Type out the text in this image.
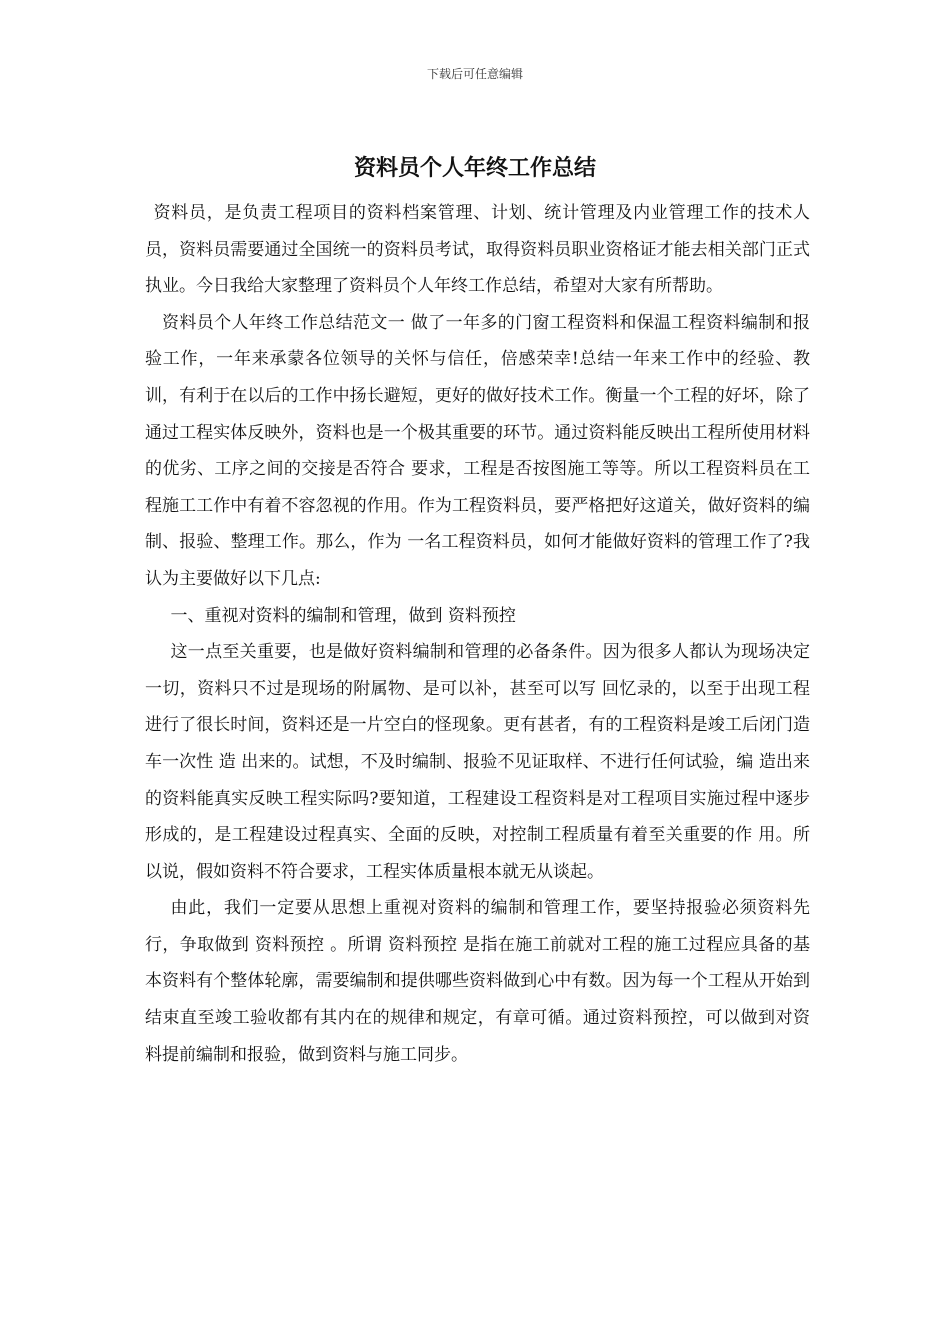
下载后可任意编辑
资料员个人年终工作总结

资料员，是负责工程项目的资料档案管理、计划、统计管理及内业管理工作的技术人员，资料员需要通过全国统一的资料员考试，取得资料员职业资格证才能去相关部门正式执业。今日我给大家整理了资料员个人年终工作总结，希望对大家有所帮助。

资料员个人年终工作总结范文一 做了一年多的门窗工程资料和保温工程资料编制和报验工作，一年来承蒙各位领导的关怀与信任，倍感荣幸!总结一年来工作中的经验、教训，有利于在以后的工作中扬长避短，更好的做好技术工作。衡量一个工程的好坏，除了通过工程实体反映外，资料也是一个极其重要的环节。通过资料能反映出工程所使用材料的优劣、工序之间的交接是否符合 要求，工程是否按图施工等等。所以工程资料员在工程施工工作中有着不容忽视的作用。作为工程资料员，要严格把好这道关，做好资料的编制、报验、整理工作。那么，作为 一名工程资料员，如何才能做好资料的管理工作了?我认为主要做好以下几点:

一、重视对资料的编制和管理，做到 资料预控

这一点至关重要，也是做好资料编制和管理的必备条件。因为很多人都认为现场决定一切，资料只不过是现场的附属物、是可以补，甚至可以写 回忆录的，以至于出现工程进行了很长时间，资料还是一片空白的怪现象。更有甚者，有的工程资料是竣工后闭门造车一次性 造 出来的。试想，不及时编制、报验不见证取样、不进行任何试验，编 造出来的资料能真实反映工程实际吗?要知道，工程建设工程资料是对工程项目实施过程中逐步形成的，是工程建设过程真实、全面的反映，对控制工程质量有着至关重要的作 用。所以说，假如资料不符合要求，工程实体质量根本就无从谈起。

由此，我们一定要从思想上重视对资料的编制和管理工作，要坚持报验必须资料先行，争取做到 资料预控 。所谓 资料预控 是指在施工前就对工程的施工过程应具备的基本资料有个整体轮廓，需要编制和提供哪些资料做到心中有数。因为每一个工程从开始到结束直至竣工验收都有其内在的规律和规定，有章可循。通过资料预控，可以做到对资 料提前编制和报验，做到资料与施工同步。
